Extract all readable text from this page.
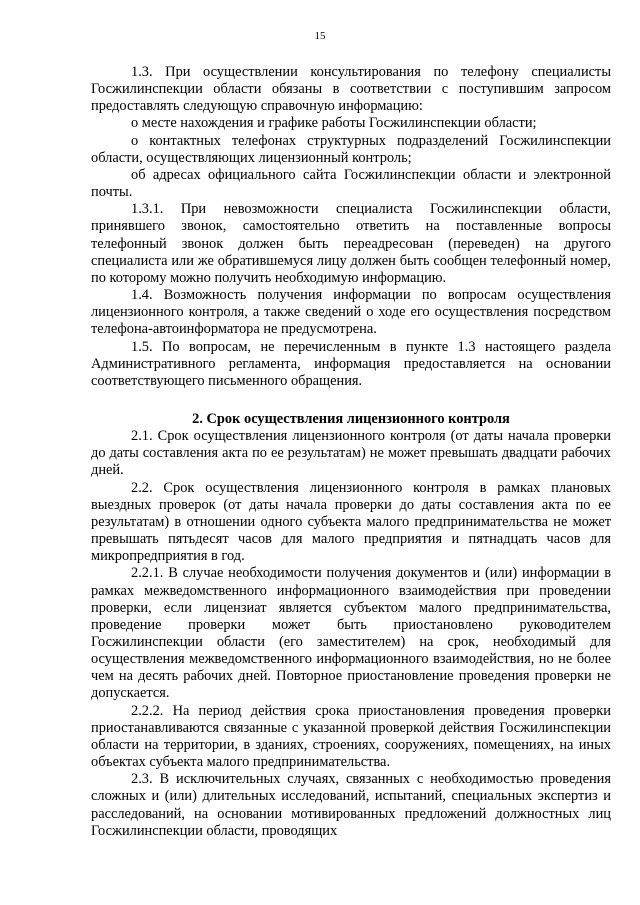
15

1.3. При осуществлении консультирования по телефону специалисты Госжилинспекции области обязаны в соответствии с поступившим запросом предоставлять следующую справочную информацию:

о месте нахождения и графике работы Госжилинспекции области;

о контактных телефонах структурных подразделений Госжилинспекции области, осуществляющих лицензионный контроль;

об адресах официального сайта Госжилинспекции области и электронной почты.

1.3.1. При невозможности специалиста Госжилинспекции области, принявшего звонок, самостоятельно ответить на поставленные вопросы телефонный звонок должен быть переадресован (переведен) на другого специалиста или же обратившемуся лицу должен быть сообщен телефонный номер, по которому можно получить необходимую информацию.

1.4. Возможность получения информации по вопросам осуществления лицензионного контроля, а также сведений о ходе его осуществления посредством телефона-автоинформатора не предусмотрена.

1.5. По вопросам, не перечисленным в пункте 1.3 настоящего раздела Административного регламента, информация предоставляется на основании соответствующего письменного обращения.

2. Срок осуществления лицензионного контроля

2.1. Срок осуществления лицензионного контроля (от даты начала проверки до даты составления акта по ее результатам) не может превышать двадцати рабочих дней.

2.2. Срок осуществления лицензионного контроля в рамках плановых выездных проверок (от даты начала проверки до даты составления акта по ее результатам) в отношении одного субъекта малого предпринимательства не может превышать пятьдесят часов для малого предприятия и пятнадцать часов для микропредприятия в год.

2.2.1. В случае необходимости получения документов и (или) информации в рамках межведомственного информационного взаимодействия при проведении проверки, если лицензиат является субъектом малого предпринимательства, проведение проверки может быть приостановлено руководителем Госжилинспекции области (его заместителем) на срок, необходимый для осуществления межведомственного информационного взаимодействия, но не более чем на десять рабочих дней. Повторное приостановление проведения проверки не допускается.

2.2.2. На период действия срока приостановления проведения проверки приостанавливаются связанные с указанной проверкой действия Госжилинспекции области на территории, в зданиях, строениях, сооружениях, помещениях, на иных объектах субъекта малого предпринимательства.

2.3. В исключительных случаях, связанных с необходимостью проведения сложных и (или) длительных исследований, испытаний, специальных экспертиз и расследований, на основании мотивированных предложений должностных лиц Госжилинспекции области, проводящих
